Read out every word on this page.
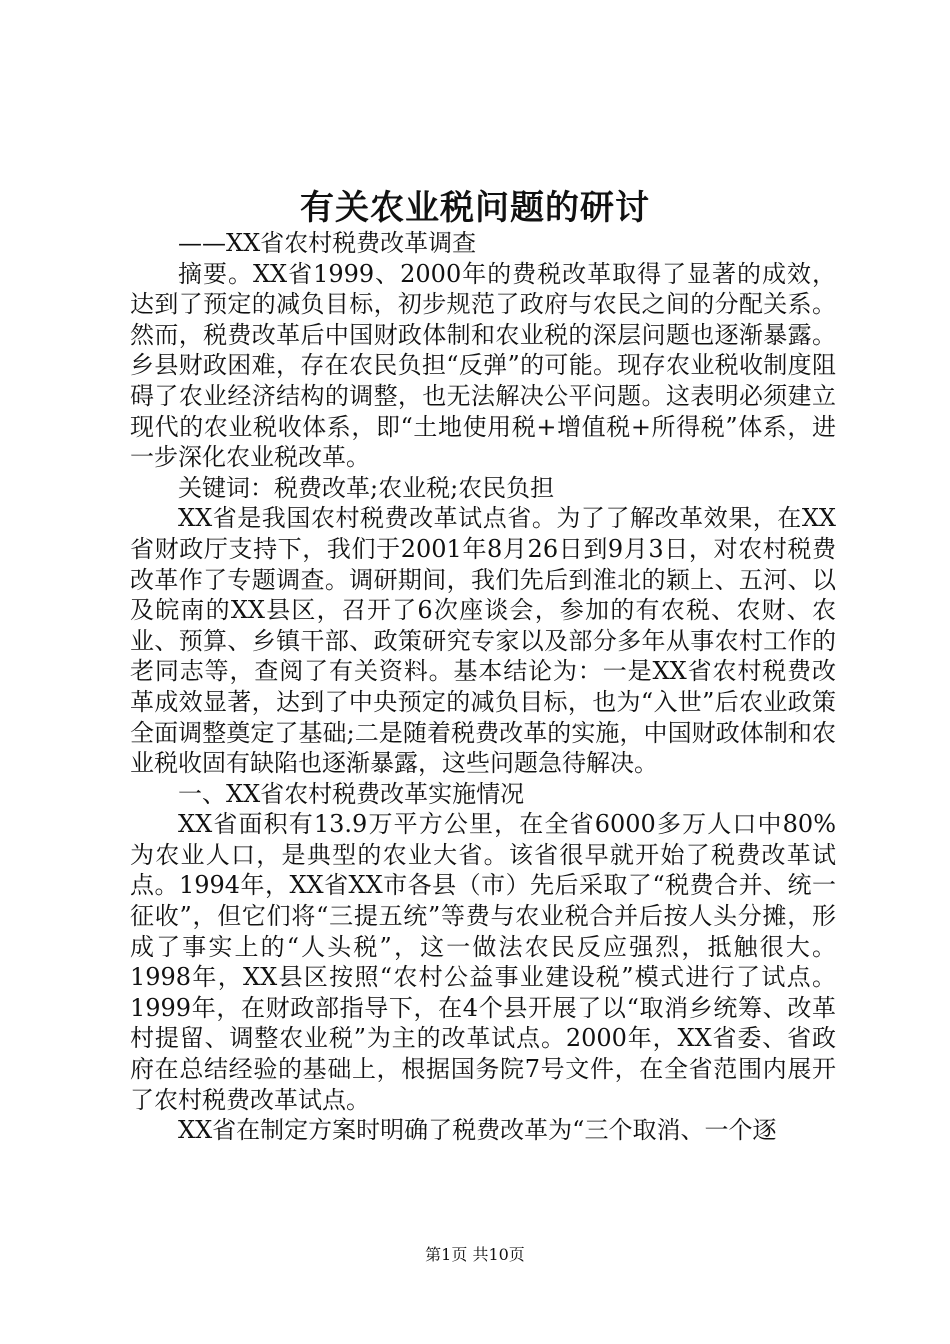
有关农业税问题的研讨

——XX省农村税费改革调查

摘要。XX省1999、2000年的费税改革取得了显著的成效，达到了预定的减负目标，初步规范了政府与农民之间的分配关系。然而，税费改革后中国财政体制和农业税的深层问题也逐渐暴露。乡县财政困难，存在农民负担“反弹”的可能。现存农业税收制度阻碍了农业经济结构的调整，也无法解决公平问题。这表明必须建立现代的农业税收体系，即“土地使用税+增值税+所得税”体系，进一步深化农业税改革。

关键词：税费改革;农业税;农民负担

XX省是我国农村税费改革试点省。为了了解改革效果，在XX省财政厅支持下，我们于2001年8月26日到9月3日，对农村税费改革作了专题调查。调研期间，我们先后到淮北的颖上、五河、以及皖南的XX县区，召开了6次座谈会，参加的有农税、农财、农业、预算、乡镇干部、政策研究专家以及部分多年从事农村工作的老同志等，查阅了有关资料。基本结论为：一是XX省农村税费改革成效显著，达到了中央预定的减负目标，也为“入世”后农业政策全面调整奠定了基础;二是随着税费改革的实施，中国财政体制和农业税收固有缺陷也逐渐暴露，这些问题急待解决。

一、XX省农村税费改革实施情况

XX省面积有13.9万平方公里，在全省6000多万人口中80%为农业人口，是典型的农业大省。该省很早就开始了税费改革试点。1994年，XX省XX市各县（市）先后采取了“税费合并、统一征收”，但它们将“三提五统”等费与农业税合并后按人头分摊，形成了事实上的“人头税”，这一做法农民反应强烈，抵触很大。1998年，XX县区按照“农村公益事业建设税”模式进行了试点。1999年，在财政部指导下，在4个县开展了以“取消乡统筹、改革村提留、调整农业税”为主的改革试点。2000年，XX省委、省政府在总结经验的基础上，根据国务院7号文件，在全省范围内展开了农村税费改革试点。

XX省在制定方案时明确了税费改革为“三个取消、一个逐

第1页 共10页
